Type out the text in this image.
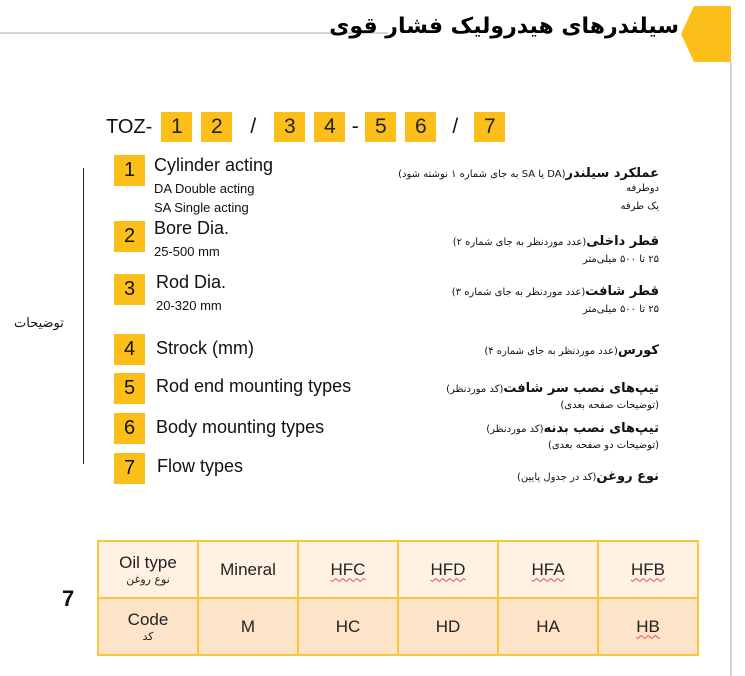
سیلندرهای هیدرولیک فشار قوی
TOZ- 1	2	/	3	4 - 5	6	/	7
توضیحات
1	Cylinder acting
DA Double acting
SA Single acting
عملکرد سیلندر(DA یا SA به جای شماره ۱ نوشته شود)
دوطرفه
یک طرفه
2	Bore Dia.
25-500 mm
قطر داخلی(عدد موردنظر به جای شماره ۲)
۲۵ تا ۵۰۰ میلی‌متر
3	Rod Dia.
20-320 mm
قطر شافت(عدد موردنظر به جای شماره ۳)
۲۵ تا ۵۰۰ میلی‌متر
4	Strock (mm)	کورس(عدد موردنظر به جای شماره ۴)
5	Rod end mounting types	تیپ‌های نصب سر شافت(کد موردنظر)
(توضیحات صفحه بعدی)
6	Body mounting types	تیپ‌های نصب بدنه(کد موردنظر)
(توضیحات دو صفحه بعدی)
7	Flow types
نوع روغن(کد در جدول پایین)
7
Oil type
نوع روغن	Mineral	HFC	HFD	HFA	HFB

Code
کد	M	HC	HD	HA	HB
